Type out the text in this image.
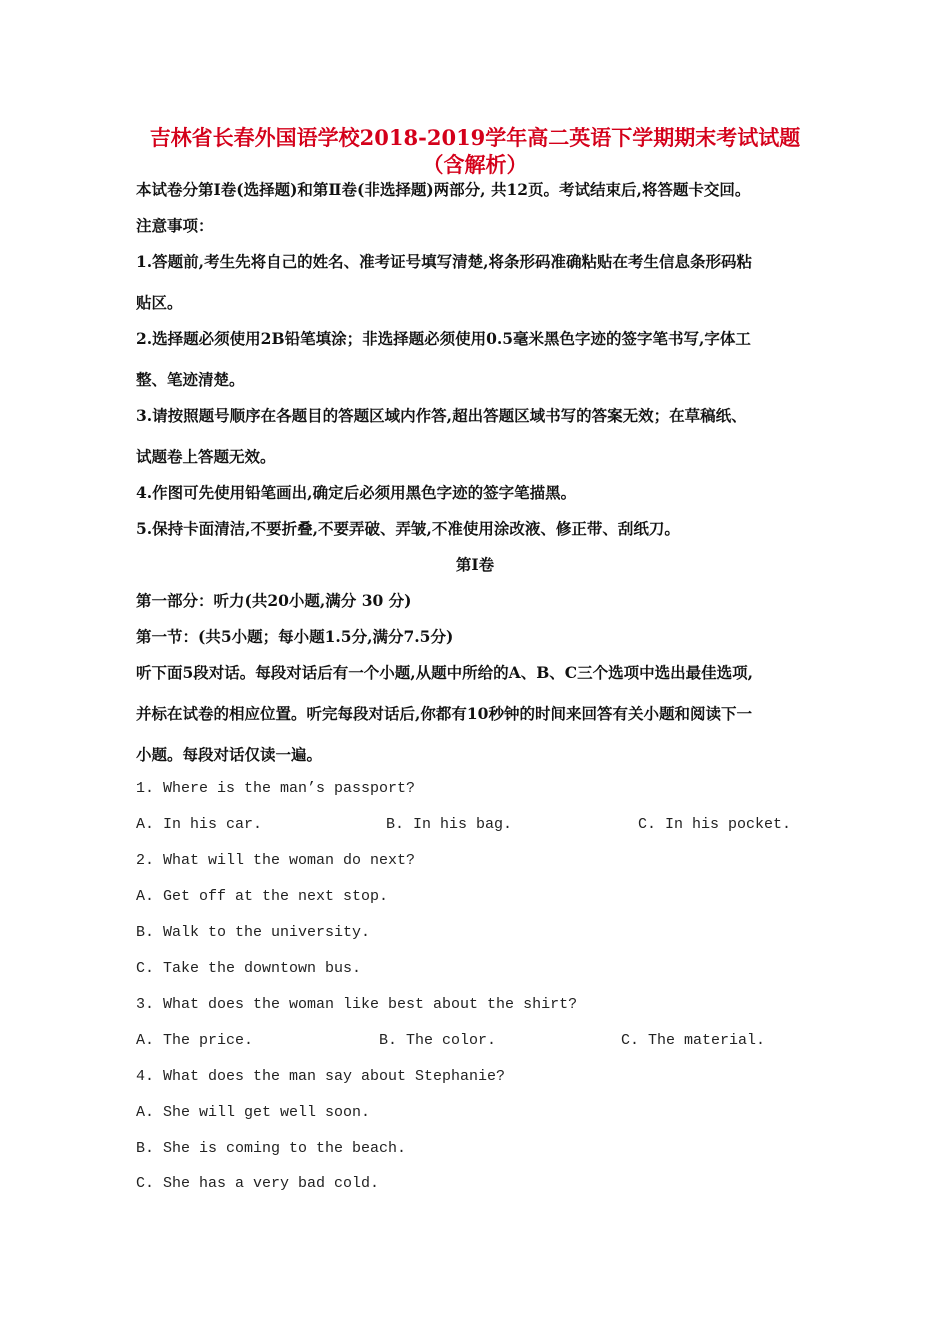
吉林省长春外国语学校2018-2019学年高二英语下学期期末考试试题
（含解析）
本试卷分第Ⅰ卷(选择题)和第Ⅱ卷(非选择题)两部分, 共12页。考试结束后,将答题卡交回。
注意事项：
1.答题前,考生先将自己的姓名、准考证号填写清楚,将条形码准确粘贴在考生信息条形码粘
贴区。
2.选择题必须使用2B铅笔填涂；非选择题必须使用0.5毫米黑色字迹的签字笔书写,字体工
整、笔迹清楚。
3.请按照题号顺序在各题目的答题区域内作答,超出答题区域书写的答案无效；在草稿纸、
试题卷上答题无效。
4.作图可先使用铅笔画出,确定后必须用黑色字迹的签字笔描黑。
5.保持卡面清洁,不要折叠,不要弄破、弄皱,不准使用涂改液、修正带、刮纸刀。
第Ⅰ卷
第一部分：听力(共20小题,满分 30 分)
第一节：(共5小题；每小题1.5分,满分7.5分)
听下面5段对话。每段对话后有一个小题,从题中所给的A、B、C三个选项中选出最佳选项,
并标在试卷的相应位置。听完每段对话后,你都有10秒钟的时间来回答有关小题和阅读下一
小题。每段对话仅读一遍。
1. Where is the man’s passport?
A. In his car.	B. In his bag.	C. In his pocket.
2. What will the woman do next?
A. Get off at the next stop.
B. Walk to the university.
C. Take the downtown bus.
3. What does the woman like best about the shirt?
A. The price.	B. The color.	C. The material.
4. What does the man say about Stephanie?
A. She will get well soon.
B. She is coming to the beach.
C. She has a very bad cold.
